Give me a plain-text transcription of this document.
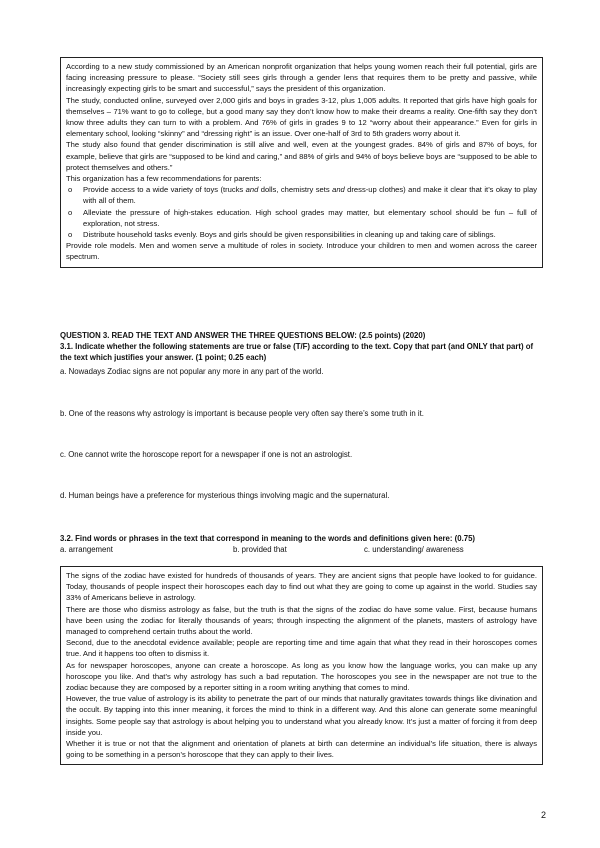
According to a new study commissioned by an American nonprofit organization that helps young women reach their full potential, girls are facing increasing pressure to please. “Society still sees girls through a gender lens that requires them to be pretty and passive, while increasingly expecting girls to be smart and successful,” says the president of this organization.

The study, conducted online, surveyed over 2,000 girls and boys in grades 3-12, plus 1,005 adults. It reported that girls have high goals for themselves – 71% want to go to college, but a good many say they don’t know how to make their dreams a reality. One-fifth say they don’t know three adults they can turn to with a problem. And 76% of girls in grades 9 to 12 “worry about their appearance.” Even for girls in elementary school, looking “skinny” and “dressing right” is an issue. Over one-half of 3rd to 5th graders worry about it.

The study also found that gender discrimination is still alive and well, even at the youngest grades. 84% of girls and 87% of boys, for example, believe that girls are “supposed to be kind and caring,” and 88% of girls and 94% of boys believe boys are “supposed to be able to protect themselves and others.”

This organization has a few recommendations for parents:

o Provide access to a wide variety of toys (trucks and dolls, chemistry sets and dress-up clothes) and make it clear that it’s okay to play with all of them.
o Alleviate the pressure of high-stakes education. High school grades may matter, but elementary school should be fun – full of exploration, not stress.
o Distribute household tasks evenly. Boys and girls should be given responsibilities in cleaning up and taking care of siblings.

Provide role models. Men and women serve a multitude of roles in society. Introduce your children to men and women across the career spectrum.

QUESTION 3. READ THE TEXT AND ANSWER THE THREE QUESTIONS BELOW: (2.5 points) (2020)
3.1. Indicate whether the following statements are true or false (T/F) according to the text. Copy that part (and ONLY that part) of the text which justifies your answer. (1 point; 0.25 each)
a. Nowadays Zodiac signs are not popular any more in any part of the world.
b. One of the reasons why astrology is important is because people very often say there’s some truth in it.
c. One cannot write the horoscope report for a newspaper if one is not an astrologist.
d. Human beings have a preference for mysterious things involving magic and the supernatural.
3.2. Find words or phrases in the text that correspond in meaning to the words and definitions given here: (0.75)
a. arrangement	b. provided that	c. understanding/ awareness

The signs of the zodiac have existed for hundreds of thousands of years. They are ancient signs that people have looked to for guidance. Today, thousands of people inspect their horoscopes each day to find out what they are going to come up against in the world. Studies say 33% of Americans believe in astrology.

There are those who dismiss astrology as false, but the truth is that the signs of the zodiac do have some value. First, because humans have been using the zodiac for literally thousands of years; through inspecting the alignment of the planets, masters of astrology have managed to comprehend certain truths about the world.

Second, due to the anecdotal evidence available; people are reporting time and time again that what they read in their horoscopes comes true. And it happens too often to dismiss it.

As for newspaper horoscopes, anyone can create a horoscope. As long as you know how the language works, you can make up any horoscope you like. And that’s why astrology has such a bad reputation. The horoscopes you see in the newspaper are not true to the zodiac because they are composed by a reporter sitting in a room writing anything that comes to mind.

However, the true value of astrology is its ability to penetrate the part of our minds that naturally gravitates towards things like divination and the occult. By tapping into this inner meaning, it forces the mind to think in a different way. And this alone can generate some meaningful insights. Some people say that astrology is about helping you to understand what you already know. It’s just a matter of forcing it from deep inside you.

Whether it is true or not that the alignment and orientation of planets at birth can determine an individual’s life situation, there is always going to be something in a person’s horoscope that they can apply to their lives.

2
